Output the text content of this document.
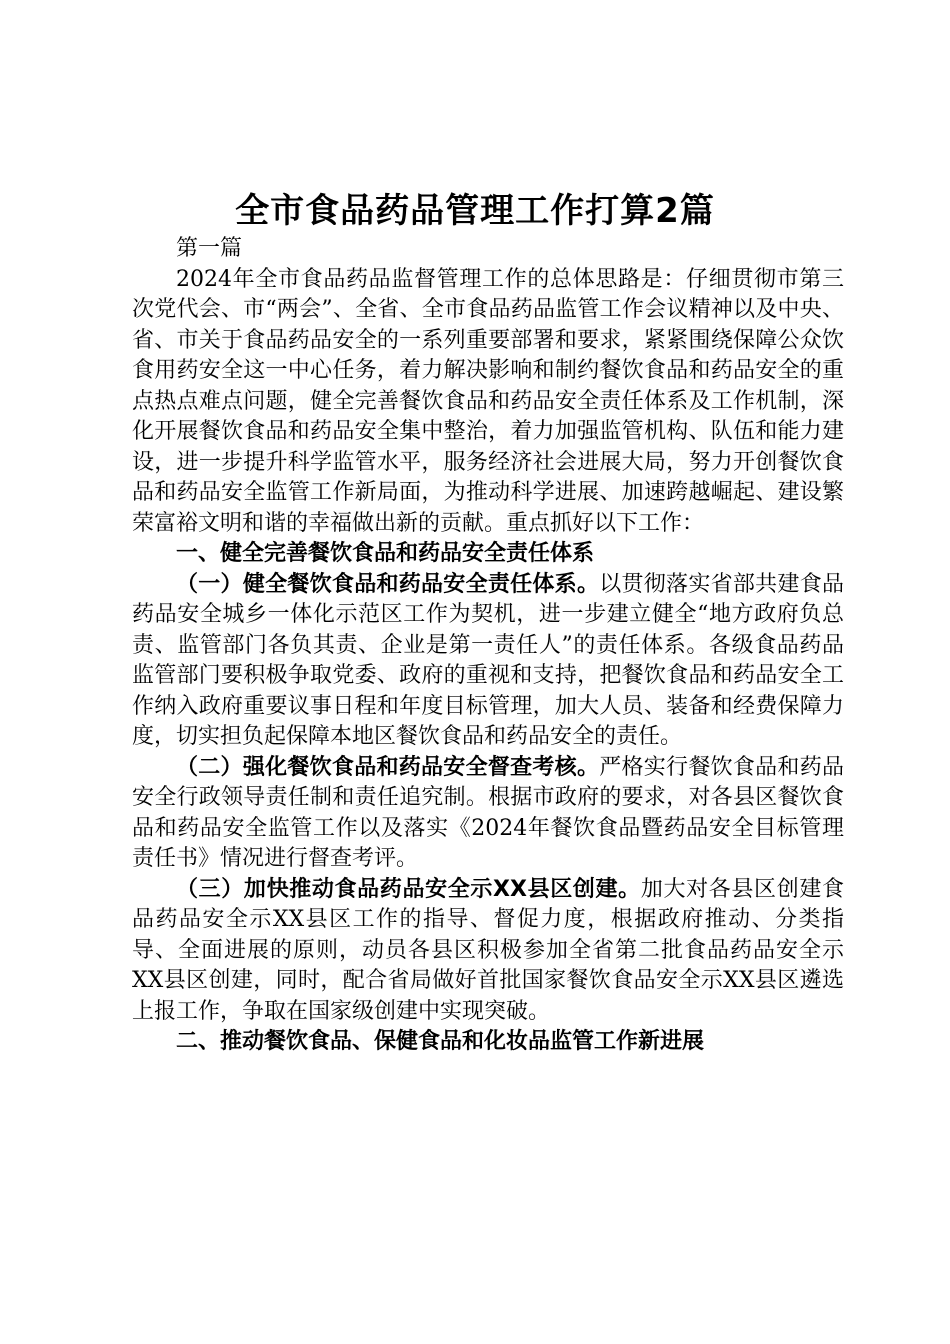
全市食品药品管理工作打算2篇

第一篇

2024年全市食品药品监督管理工作的总体思路是：仔细贯彻市第三次党代会、市“两会”、全省、全市食品药品监管工作会议精神以及中央、省、市关于食品药品安全的一系列重要部署和要求，紧紧围绕保障公众饮食用药安全这一中心任务，着力解决影响和制约餐饮食品和药品安全的重点热点难点问题，健全完善餐饮食品和药品安全责任体系及工作机制，深化开展餐饮食品和药品安全集中整治，着力加强监管机构、队伍和能力建设，进一步提升科学监管水平，服务经济社会进展大局，努力开创餐饮食品和药品安全监管工作新局面，为推动科学进展、加速跨越崛起、建设繁荣富裕文明和谐的幸福做出新的贡献。重点抓好以下工作：

一、健全完善餐饮食品和药品安全责任体系

（一）健全餐饮食品和药品安全责任体系。以贯彻落实省部共建食品药品安全城乡一体化示范区工作为契机，进一步建立健全“地方政府负总责、监管部门各负其责、企业是第一责任人”的责任体系。各级食品药品监管部门要积极争取党委、政府的重视和支持，把餐饮食品和药品安全工作纳入政府重要议事日程和年度目标管理，加大人员、装备和经费保障力度，切实担负起保障本地区餐饮食品和药品安全的责任。

（二）强化餐饮食品和药品安全督查考核。严格实行餐饮食品和药品安全行政领导责任制和责任追究制。根据市政府的要求，对各县区餐饮食品和药品安全监管工作以及落实《2024年餐饮食品暨药品安全目标管理责任书》情况进行督查考评。

（三）加快推动食品药品安全示XX县区创建。加大对各县区创建食品药品安全示XX县区工作的指导、督促力度，根据政府推动、分类指导、全面进展的原则，动员各县区积极参加全省第二批食品药品安全示XX县区创建，同时，配合省局做好首批国家餐饮食品安全示XX县区遴选上报工作，争取在国家级创建中实现突破。

二、推动餐饮食品、保健食品和化妆品监管工作新进展
